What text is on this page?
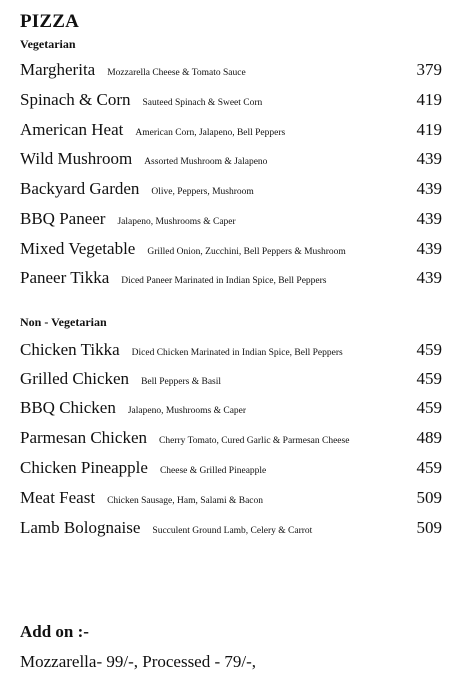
PIZZA
Vegetarian
Margherita Mozzarella Cheese & Tomato Sauce	379
Spinach & Corn Sauteed Spinach & Sweet Corn	419
American Heat American Corn, Jalapeno, Bell Peppers	419
Wild Mushroom Assorted Mushroom & Jalapeno	439
Backyard Garden Olive, Peppers, Mushroom	439
BBQ Paneer Jalapeno, Mushrooms & Caper	439
Mixed Vegetable Grilled Onion, Zucchini, Bell Peppers & Mushroom	439
Paneer Tikka Diced Paneer Marinated in Indian Spice, Bell Peppers	439
Non - Vegetarian
Chicken Tikka Diced Chicken Marinated in Indian Spice, Bell Peppers	459
Grilled Chicken Bell Peppers & Basil	459
BBQ Chicken Jalapeno, Mushrooms & Caper	459
Parmesan Chicken Cherry Tomato, Cured Garlic & Parmesan Cheese	489
Chicken Pineapple Cheese & Grilled Pineapple	459
Meat Feast Chicken Sausage, Ham, Salami & Bacon	509
Lamb Bolognaise Succulent Ground Lamb, Celery & Carrot	509
Add on :-
Mozzarella- 99/-, Processed - 79/-,
